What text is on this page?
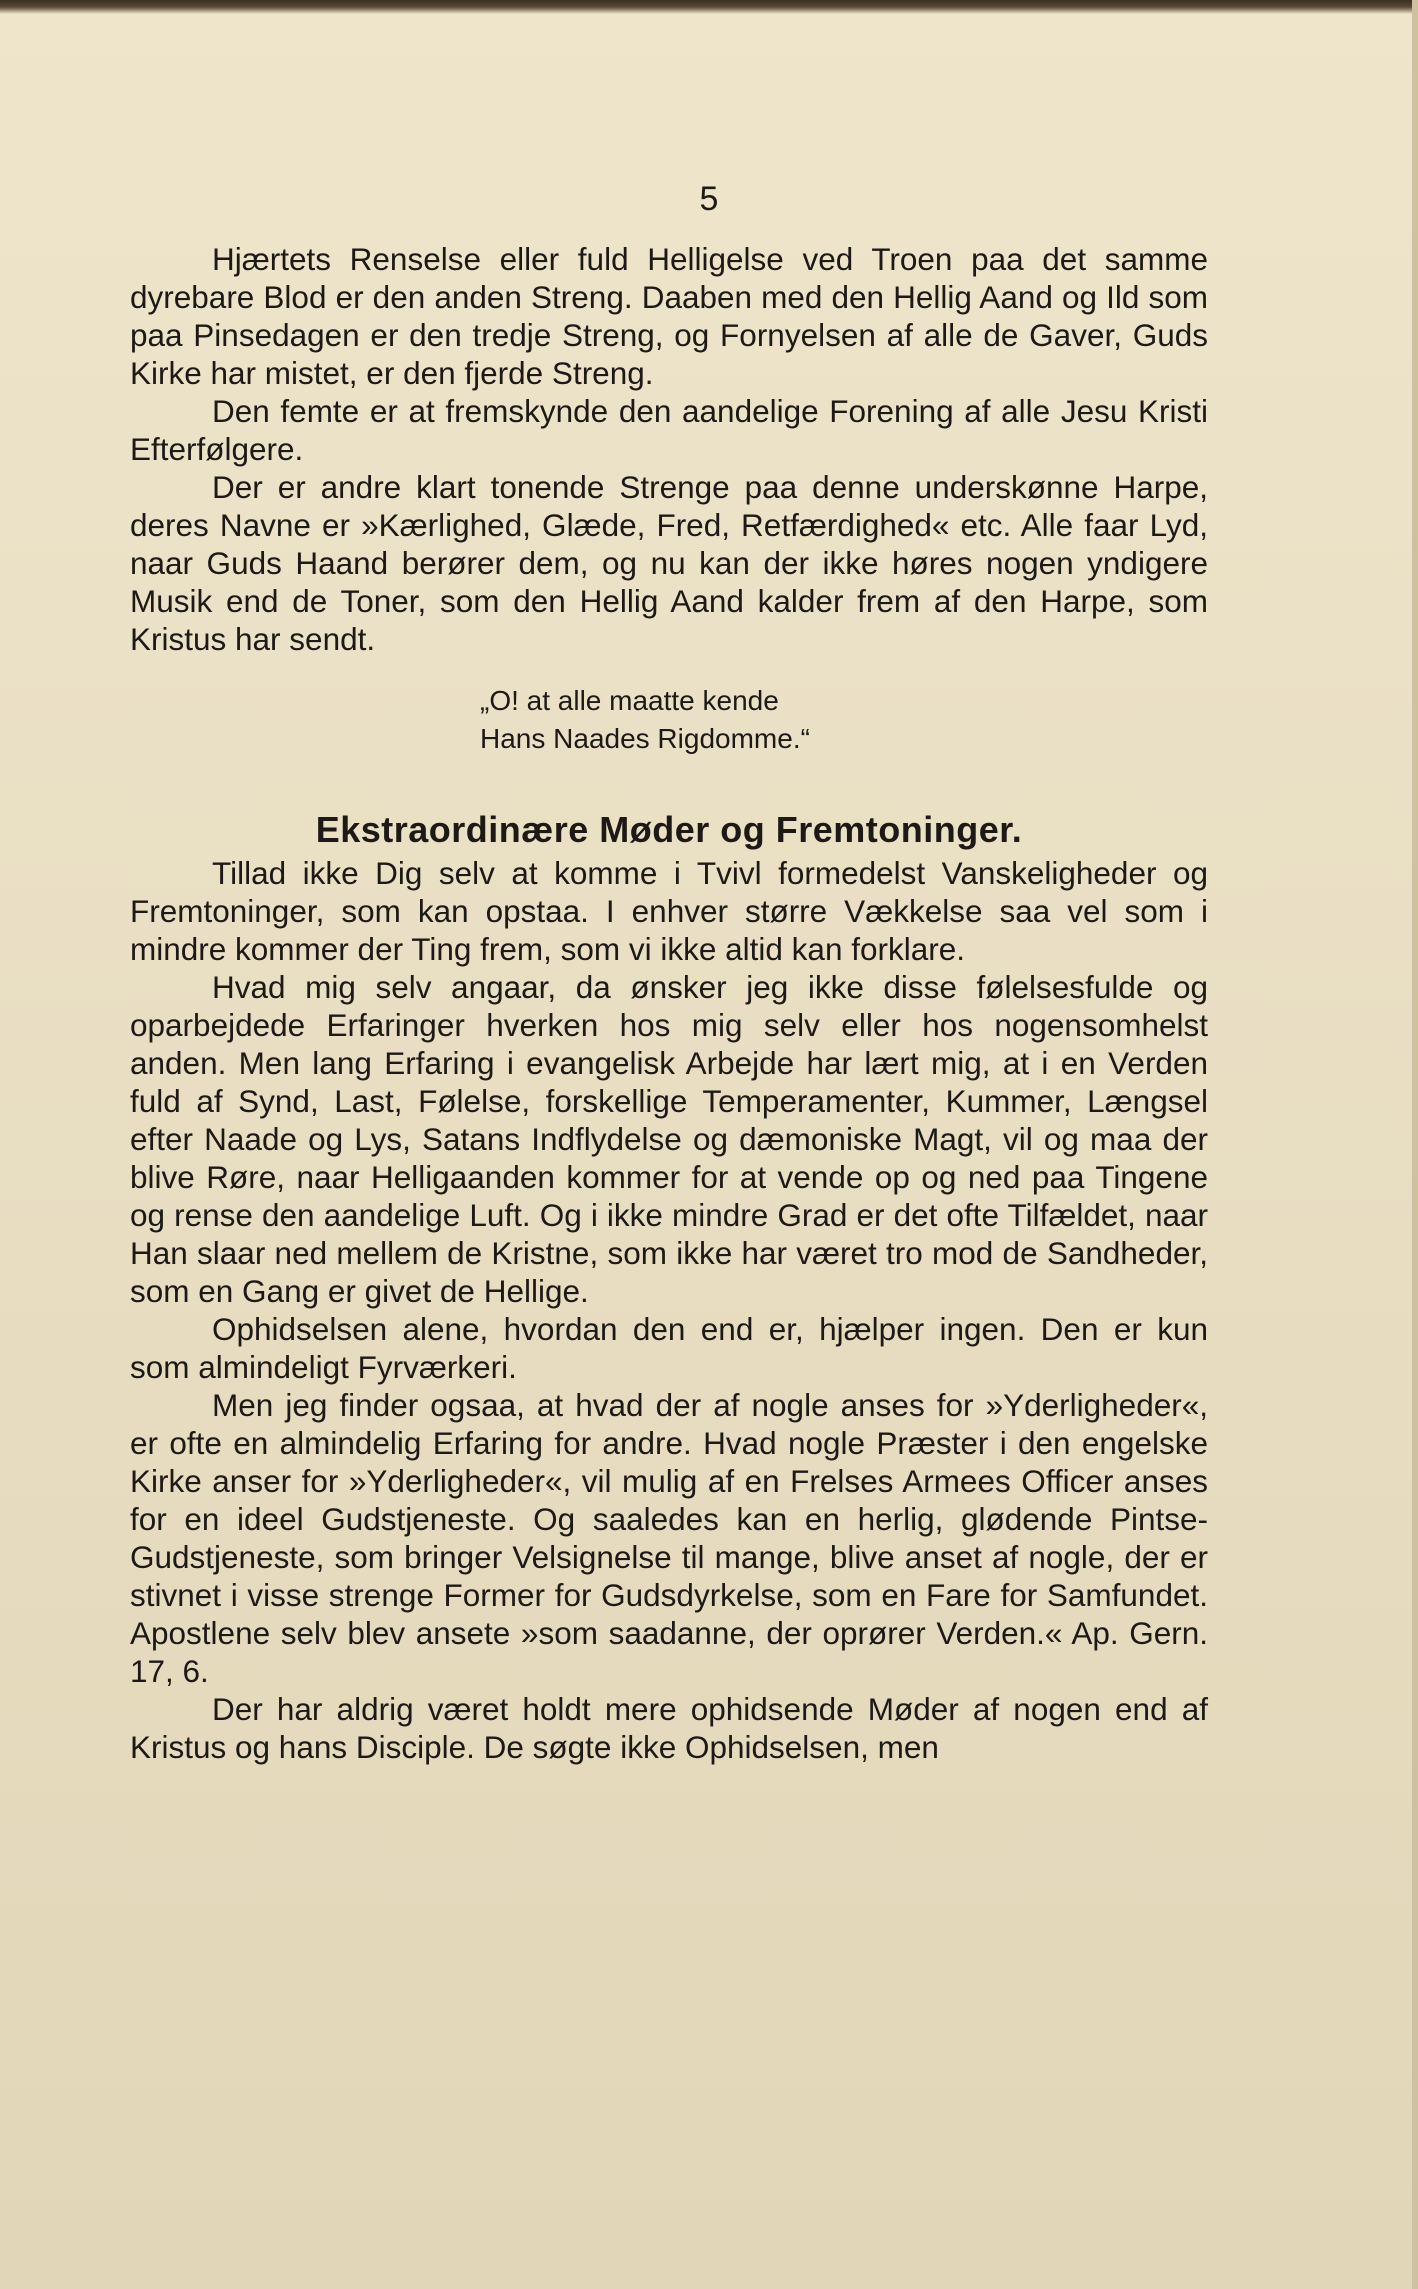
5

Hjærtets Renselse eller fuld Helligelse ved Troen paa det samme dyrebare Blod er den anden Streng. Daaben med den Hellig Aand og Ild som paa Pinsedagen er den tredje Streng, og Fornyelsen af alle de Gaver, Guds Kirke har mistet, er den fjerde Streng.

Den femte er at fremskynde den aandelige Forening af alle Jesu Kristi Efterfølgere.

Der er andre klart tonende Strenge paa denne underskønne Harpe, deres Navne er »Kærlighed, Glæde, Fred, Retfærdighed« etc. Alle faar Lyd, naar Guds Haand berører dem, og nu kan der ikke høres nogen yndigere Musik end de Toner, som den Hellig Aand kalder frem af den Harpe, som Kristus har sendt.

„O! at alle maatte kende
Hans Naades Rigdomme.“
Ekstraordinære Møder og Fremtoninger.

Tillad ikke Dig selv at komme i Tvivl formedelst Vanskeligheder og Fremtoninger, som kan opstaa. I enhver større Vækkelse saa vel som i mindre kommer der Ting frem, som vi ikke altid kan forklare.

Hvad mig selv angaar, da ønsker jeg ikke disse følelsesfulde og oparbejdede Erfaringer hverken hos mig selv eller hos nogensomhelst anden. Men lang Erfaring i evangelisk Arbejde har lært mig, at i en Verden fuld af Synd, Last, Følelse, forskellige Temperamenter, Kummer, Længsel efter Naade og Lys, Satans Indflydelse og dæmoniske Magt, vil og maa der blive Røre, naar Helligaanden kommer for at vende op og ned paa Tingene og rense den aandelige Luft. Og i ikke mindre Grad er det ofte Tilfældet, naar Han slaar ned mellem de Kristne, som ikke har været tro mod de Sandheder, som en Gang er givet de Hellige.

Ophidselsen alene, hvordan den end er, hjælper ingen. Den er kun som almindeligt Fyrværkeri.

Men jeg finder ogsaa, at hvad der af nogle anses for »Yderligheder«, er ofte en almindelig Erfaring for andre. Hvad nogle Præster i den engelske Kirke anser for »Yderligheder«, vil mulig af en Frelses Armees Officer anses for en ideel Gudstjeneste. Og saaledes kan en herlig, glødende Pintse-Gudstjeneste, som bringer Velsignelse til mange, blive anset af nogle, der er stivnet i visse strenge Former for Gudsdyrkelse, som en Fare for Samfundet. Apostlene selv blev ansete »som saadanne, der oprører Verden.« Ap. Gern. 17, 6.

Der har aldrig været holdt mere ophidsende Møder af nogen end af Kristus og hans Disciple. De søgte ikke Ophidselsen, men
